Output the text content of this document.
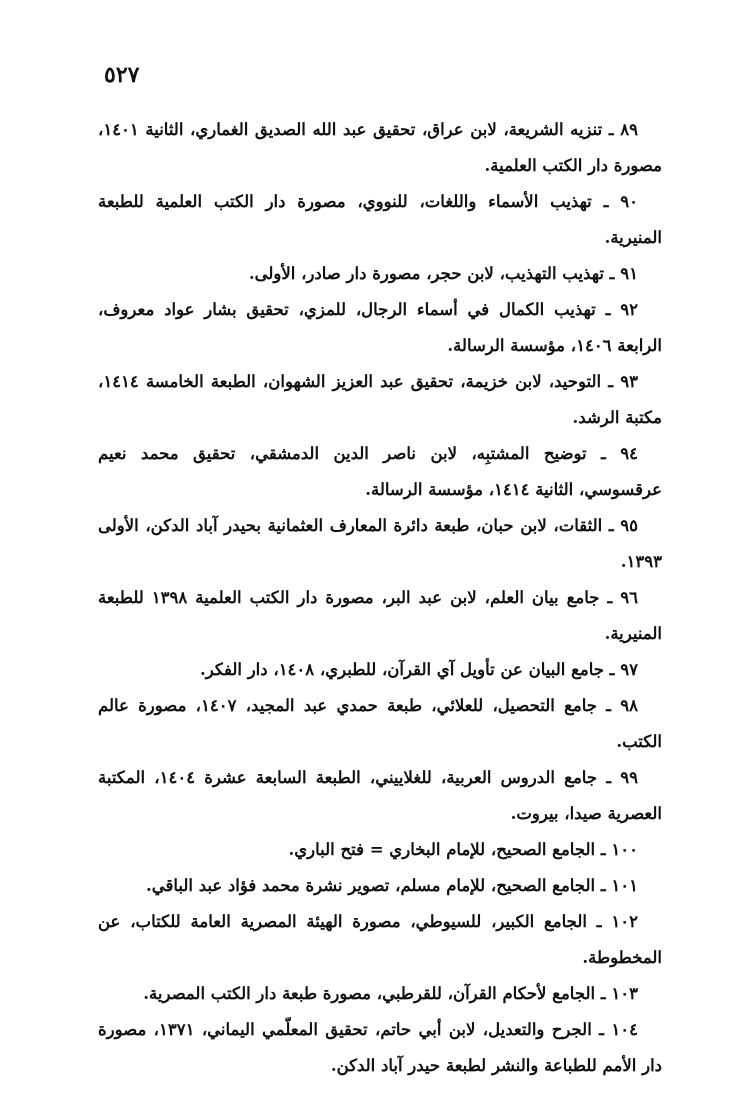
٥٢٧

٨٩ ـ تنزيه الشريعة، لابن عراق، تحقيق عبد الله الصديق الغماري، الثانية ١٤٠١، مصورة دار الكتب العلمية.

٩٠ ـ تهذيب الأسماء واللغات، للنووي، مصورة دار الكتب العلمية للطبعة المنيرية.

٩١ ـ تهذيب التهذيب، لابن حجر، مصورة دار صادر، الأولى.

٩٢ ـ تهذيب الكمال في أسماء الرجال، للمزي، تحقيق بشار عواد معروف، الرابعة ١٤٠٦، مؤسسة الرسالة.

٩٣ ـ التوحيد، لابن خزيمة، تحقيق عبد العزيز الشهوان، الطبعة الخامسة ١٤١٤، مكتبة الرشد.

٩٤ ـ توضيح المشتبِه، لابن ناصر الدين الدمشقي، تحقيق محمد نعيم عرقسوسي، الثانية ١٤١٤، مؤسسة الرسالة.

٩٥ ـ الثقات، لابن حبان، طبعة دائرة المعارف العثمانية بحيدر آباد الدكن، الأولى ١٣٩٣.

٩٦ ـ جامع بيان العلم، لابن عبد البر، مصورة دار الكتب العلمية ١٣٩٨ للطبعة المنيرية.

٩٧ ـ جامع البيان عن تأويل آي القرآن، للطبري، ١٤٠٨، دار الفكر.

٩٨ ـ جامع التحصيل، للعلائي، طبعة حمدي عبد المجيد، ١٤٠٧، مصورة عالم الكتب.

٩٩ ـ جامع الدروس العربية، للغلاييني، الطبعة السابعة عشرة ١٤٠٤، المكتبة العصرية صيدا، بيروت.

١٠٠ ـ الجامع الصحيح، للإمام البخاري = فتح الباري.

١٠١ ـ الجامع الصحيح، للإمام مسلم، تصوير نشرة محمد فؤاد عبد الباقي.

١٠٢ ـ الجامع الكبير، للسيوطي، مصورة الهيئة المصرية العامة للكتاب، عن المخطوطة.

١٠٣ ـ الجامع لأحكام القرآن، للقرطبي، مصورة طبعة دار الكتب المصرية.

١٠٤ ـ الجرح والتعديل، لابن أبي حاتم، تحقيق المعلّمي اليماني، ١٣٧١، مصورة دار الأمم للطباعة والنشر لطبعة حيدر آباد الدكن.
